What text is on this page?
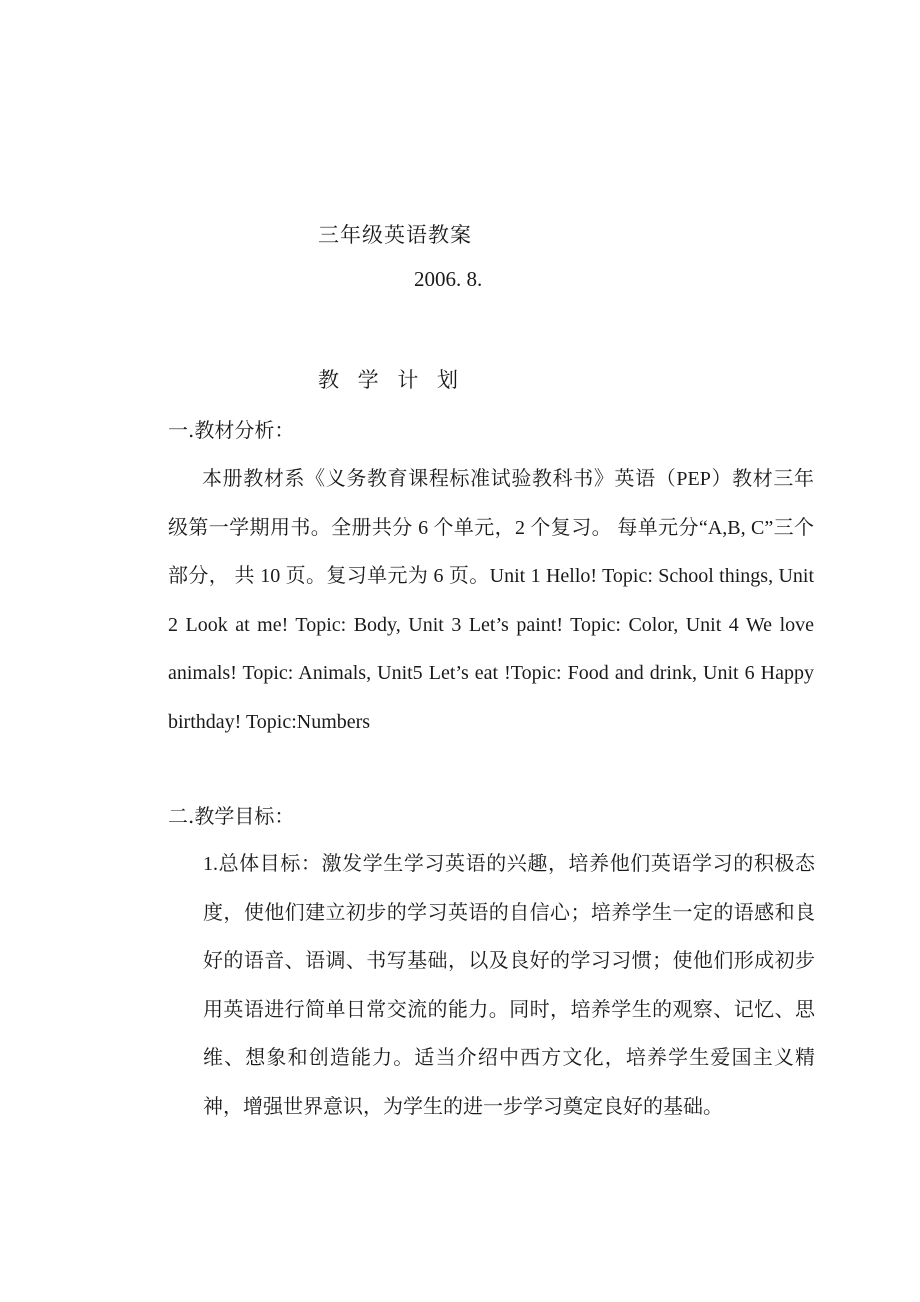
三年级英语教案
2006. 8.
教 学 计 划
一.教材分析：
本册教材系《义务教育课程标准试验教科书》英语（PEP）教材三年级第一学期用书。全册共分 6 个单元，2 个复习。 每单元分“A,B, C”三个部分， 共 10 页。复习单元为 6 页。Unit 1 Hello! Topic: School things, Unit 2 Look at me! Topic: Body, Unit 3 Let’s paint! Topic: Color, Unit 4 We love animals! Topic: Animals, Unit5 Let’s eat !Topic: Food and drink, Unit 6 Happy birthday! Topic:Numbers
二.教学目标：
1.总体目标：激发学生学习英语的兴趣，培养他们英语学习的积极态度，使他们建立初步的学习英语的自信心；培养学生一定的语感和良好的语音、语调、书写基础，以及良好的学习习惯；使他们形成初步用英语进行简单日常交流的能力。同时，培养学生的观察、记忆、思维、想象和创造能力。适当介绍中西方文化，培养学生爱国主义精神，增强世界意识，为学生的进一步学习奠定良好的基础。
